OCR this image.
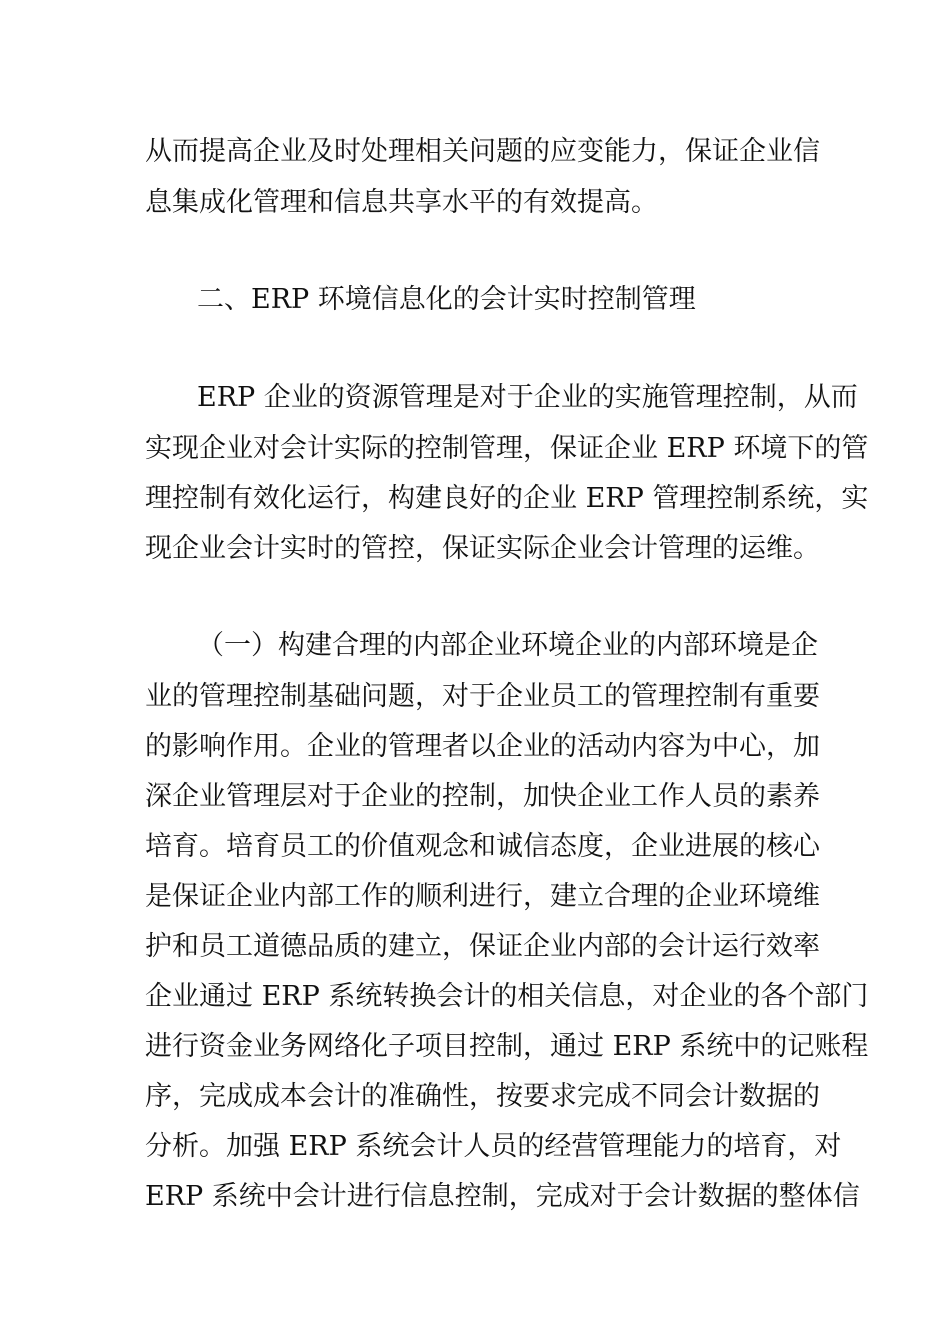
从而提高企业及时处理相关问题的应变能力，保证企业信
息集成化管理和信息共享水平的有效提高。
二、ERP 环境信息化的会计实时控制管理
ERP 企业的资源管理是对于企业的实施管理控制，从而
实现企业对会计实际的控制管理，保证企业 ERP 环境下的管
理控制有效化运行，构建良好的企业 ERP 管理控制系统，实
现企业会计实时的管控，保证实际企业会计管理的运维。
（一）构建合理的内部企业环境企业的内部环境是企
业的管理控制基础问题，对于企业员工的管理控制有重要
的影响作用。企业的管理者以企业的活动内容为中心，加
深企业管理层对于企业的控制，加快企业工作人员的素养
培育。培育员工的价值观念和诚信态度，企业进展的核心
是保证企业内部工作的顺利进行，建立合理的企业环境维
护和员工道德品质的建立，保证企业内部的会计运行效率
企业通过 ERP 系统转换会计的相关信息，对企业的各个部门
进行资金业务网络化子项目控制，通过 ERP 系统中的记账程
序，完成成本会计的准确性，按要求完成不同会计数据的
分析。加强 ERP 系统会计人员的经营管理能力的培育，对
ERP 系统中会计进行信息控制，完成对于会计数据的整体信
